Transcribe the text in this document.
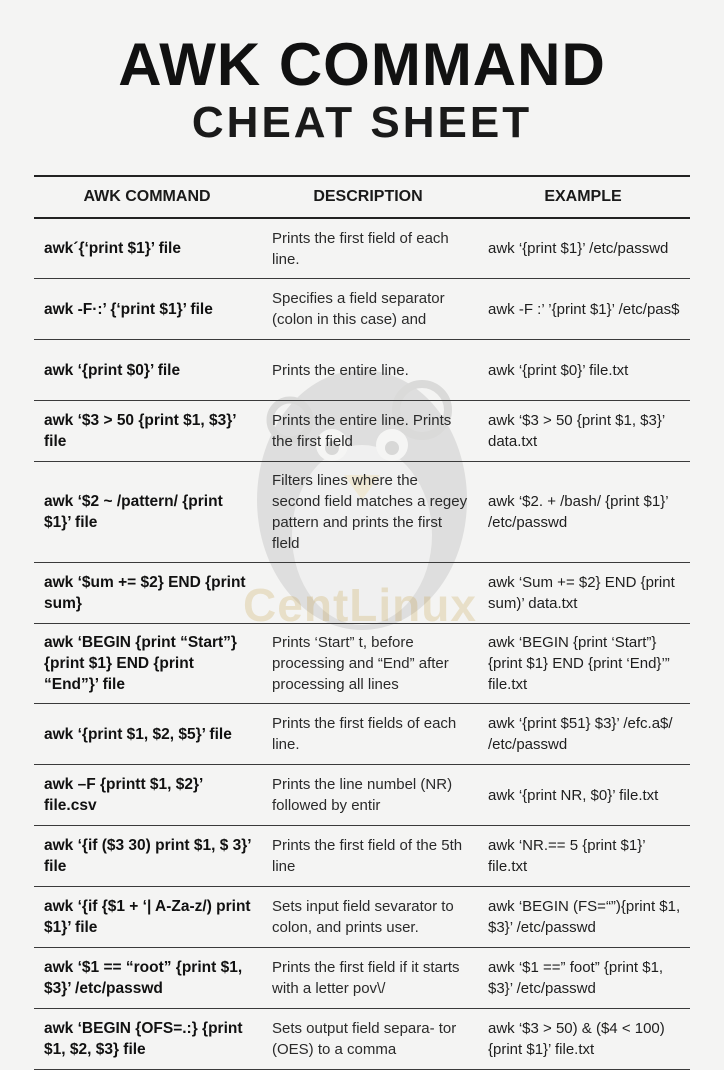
AWK COMMAND
CHEAT SHEET
CentLinux
AWK COMMAND	DESCRIPTION	EXAMPLE
awk´{‘print $1}’ file	Prints the first field of each line.	awk ‘{print $1}’ /etc/passwd
awk -F·:’ {‘print $1}’ file	Specifies a field separator (colon in this case) and	awk -F :’ ’{print $1}’ /etc/pas$
awk ‘{print $0}’ file	Prints the entire line.	awk ‘{print $0}’ file.txt
awk ‘$3 > 50 {print $1, $3}’ file	Prints the entire line. Prints the first field	awk ‘$3 > 50 {print $1, $3}’ data.txt
awk ‘$2 ~ /pattern/ {print $1}’ file	Filters lines where the second field matches a regey pattern and prints the first fleld	awk ‘$2. + /bash/ {print $1}’ /etc/passwd
awk ‘$um += $2} END {print sum}		awk ‘Sum += $2} END {print sum)’ data.txt
awk ‘BEGIN {print “Start”} {print $1} END {print “End”}’ file	Prints ‘Start” t, before processing and “End” after processing all lines	awk ‘BEGIN {print ‘Start”} {print $1} END {print ‘End}’” file.txt
awk ‘{print $1, $2, $5}’ file	Prints the first fields of each line.	awk ‘{print $51} $3}’ /efc.a$/ /etc/passwd
awk –F {printt $1, $2}’ file.csv	Prints the line numbel (NR) followed by entir	awk ‘{print NR, $0}’ file.txt
awk ‘{if ($3 30) print $1, $ 3}’ file	Prints the first field of the 5th line	awk ‘NR.== 5 {print $1}’ file.txt
awk ‘{if {$1 + ‘| A-Za-z/) print $1}’ file	Sets input field sevarator to colon, and prints user.	awk ‘BEGIN (FS=“”){print $1, $3}’ /etc/passwd
awk ‘$1 == “root” {print $1, $3}’ /etc/passwd	Prints the first field if it starts with a letter pov\/	awk ‘$1 ==” foot” {print $1, $3}’ /etc/passwd
awk ‘BEGIN {OFS=.:} {print $1, $2, $3} file	Sets output field separa- tor (OES) to a comma	awk ‘$3 > 50) & ($4 < 100) {print $1}’ file.txt
